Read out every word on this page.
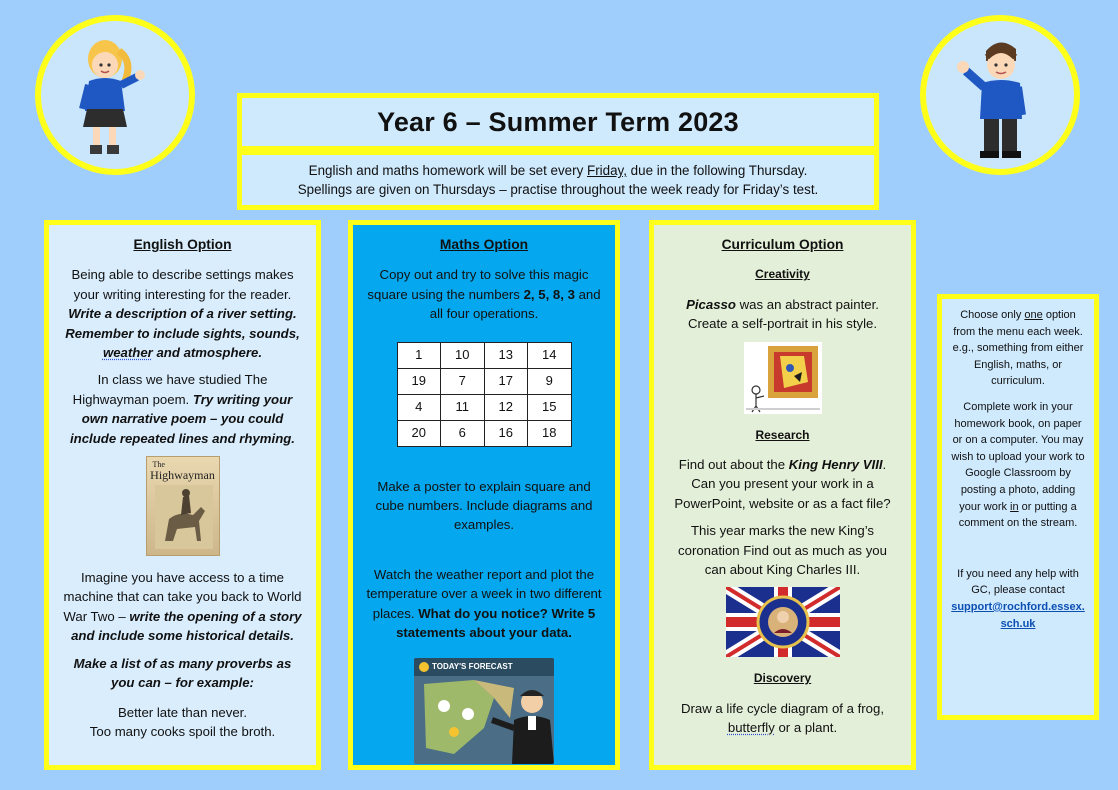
Year 6 – Summer Term 2023
English and maths homework will be set every Friday, due in the following Thursday.
Spellings are given on Thursdays – practise throughout the week ready for Friday’s test.
English Option

Being able to describe settings makes your writing interesting for the reader. Write a description of a river setting. Remember to include sights, sounds, weather and atmosphere.

In class we have studied The Highwayman poem. Try writing your own narrative poem – you could include repeated lines and rhyming.

The
Highwayman

Imagine you have access to a time machine that can take you back to World War Two – write the opening of a story and include some historical details.

Make a list of as many proverbs as you can – for example:

Better late than never.
Too many cooks spoil the broth.
Maths Option

Copy out and try to solve this magic square using the numbers 2, 5, 8, 3 and all four operations.

1	10	13	14
19	7	17	9
4	11	12	15
20	6	16	18

Make a poster to explain square and cube numbers. Include diagrams and examples.

Watch the weather report and plot the temperature over a week in two different places. What do you notice? Write 5 statements about your data.

TODAY'S FORECAST
Curriculum Option
Creativity

Picasso was an abstract painter. Create a self-portrait in his style.

Research

Find out about the King Henry VIII. Can you present your work in a PowerPoint, website or as a fact file?

This year marks the new King’s coronation Find out as much as you can about King Charles III.

Discovery

Draw a life cycle diagram of a frog, butterfly or a plant.

Choose only one option from the menu each week. e.g., something from either English, maths, or curriculum.

Complete work in your homework book, on paper or on a computer. You may wish to upload your work to Google Classroom by posting a photo, adding your work in or putting a comment on the stream.

If you need any help with GC, please contact

support@rochford.essex.sch.uk
